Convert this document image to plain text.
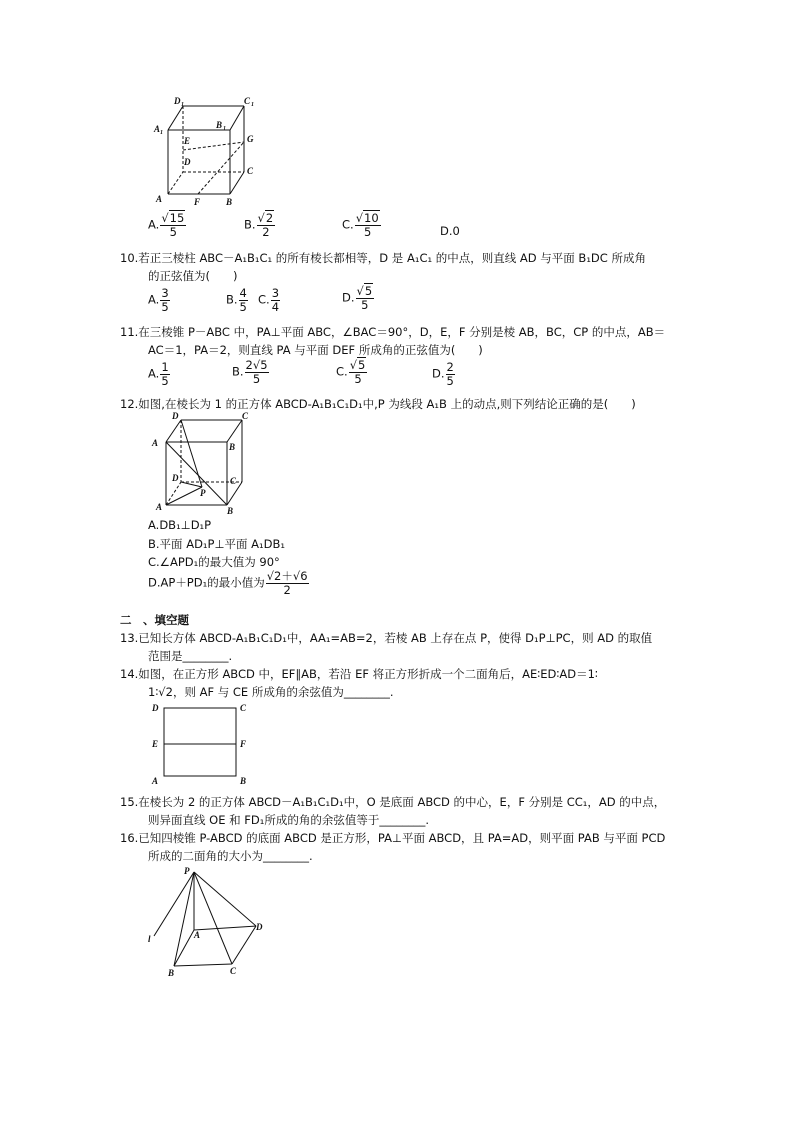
D 1	C 1
A 1
B 1
E	G
D
C
A	F	B
A. $\frac{√15}{5}$	B. $\frac{√2}{2}$	C. $\frac{√10}{5}$	D.0
10.若正三棱柱 ABC－A₁B₁C₁ 的所有棱长都相等，D 是 A₁C₁ 的中点，则直线 AD 与平面 B₁DC 所成角
的正弦值为(　　)
A. $\frac{3}{5}$	B. $\frac{4}{5} C$. $\frac{3}{4}$	D. $\frac{√5}{5}$
11.在三棱锥 P－ABC 中，PA⊥平面 ABC，∠BAC＝90°，D，E，F 分别是棱 AB，BC，CP 的中点，AB＝
AC＝1，PA＝2，则直线 PA 与平面 DEF 所成角的正弦值为(　　)
A. $\frac{1}{5}$	B. $\frac{2√5}{5}$	C. $\frac{√5}{5}$	D. $\frac{2}{5}$
12.如图,在棱长为 1 的正方体 ABCD-A₁B₁C₁D₁中,P 为线段 A₁B 上的动点,则下列结论正确的是(　　)
D	C
A	B
D	C
A
P
B
A.DB₁⊥D₁P
B.平面 AD₁P⊥平面 A₁DB₁
C.∠APD₁的最大值为 90°
D.AP＋PD₁的最小值为 $\frac{√2+√6}{2}$
二　、填空题
13.已知长方体 ABCD-A₁B₁C₁D₁中，AA₁=AB=2，若棱 AB 上存在点 P，使得 D₁P⊥PC，则 AD 的取值
范围是________.
14.如图，在正方形 ABCD 中，EF∥AB，若沿 EF 将正方形折成一个二面角后，AE∶ED∶AD＝1∶
1∶√2，则 AF 与 CE 所成角的余弦值为________.
D	C
E	F
A	B
15.在棱长为 2 的正方体 ABCD－A₁B₁C₁D₁中，O 是底面 ABCD 的中心，E，F 分别是 CC₁，AD 的中点，
则异面直线 OE 和 FD₁所成的角的余弦值等于________.
16.已知四棱锥 P-ABCD 的底面 ABCD 是正方形，PA⊥平面 ABCD，且 PA=AD，则平面 PAB 与平面 PCD
所成的二面角的大小为________.
P
l	A
D
B	C
